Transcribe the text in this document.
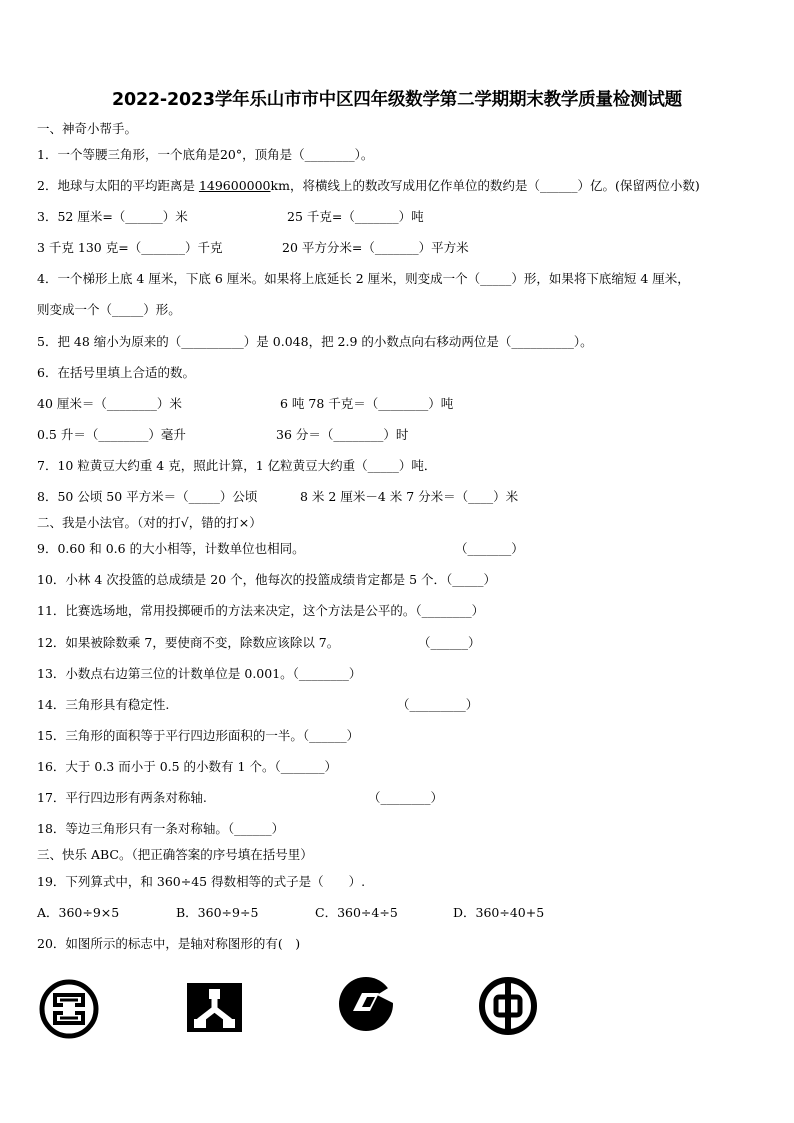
2022-2023学年乐山市市中区四年级数学第二学期期末教学质量检测试题
一、神奇小帮手。
1．一个等腰三角形，一个底角是20°，顶角是（________）。
2．地球与太阳的平均距离是 149600000km，将横线上的数改写成用亿作单位的数约是（______）亿。(保留两位小数)
3．52 厘米=（______）米	25 千克=（_______）吨
3 千克 130 克=（_______）千克	20 平方分米=（_______）平方米
4．一个梯形上底 4 厘米，下底 6 厘米。如果将上底延长 2 厘米，则变成一个（_____）形，如果将下底缩短 4 厘米，
则变成一个（_____）形。
5．把 48 缩小为原来的（__________）是 0.048，把 2.9 的小数点向右移动两位是（__________）。
6．在括号里填上合适的数。
40 厘米＝（________）米	6 吨 78 千克＝（________）吨
0.5 升＝（________）毫升	36 分＝（________）时
7．10 粒黄豆大约重 4 克，照此计算，1 亿粒黄豆大约重（_____）吨．
8．50 公顷 50 平方米＝（_____）公顷	8 米 2 厘米－4 米 7 分米＝（____）米
二、我是小法官。（对的打√，错的打×）
9．0.60 和 0.6 的大小相等，计数单位也相同。	（_______）
10．小林 4 次投篮的总成绩是 20 个，他每次的投篮成绩肯定都是 5 个．（_____）
11．比赛选场地，常用投掷硬币的方法来决定，这个方法是公平的。（________）
12．如果被除数乘 7，要使商不变，除数应该除以 7。	（______）
13．小数点右边第三位的计数单位是 0.001。（________）
14．三角形具有稳定性.	（_________）
15．三角形的面积等于平行四边形面积的一半。（______）
16．大于 0.3 而小于 0.5 的小数有 1 个。（_______）
17．平行四边形有两条对称轴.	（________）
18．等边三角形只有一条对称轴。（______）
三、快乐 ABC。（把正确答案的序号填在括号里）
19．下列算式中，和 360÷45 得数相等的式子是（　　）.
A．360÷9×5	B．360÷9÷5	C．360÷4÷5	D．360÷40+5
20．如图所示的标志中，是轴对称图形的有(　)
